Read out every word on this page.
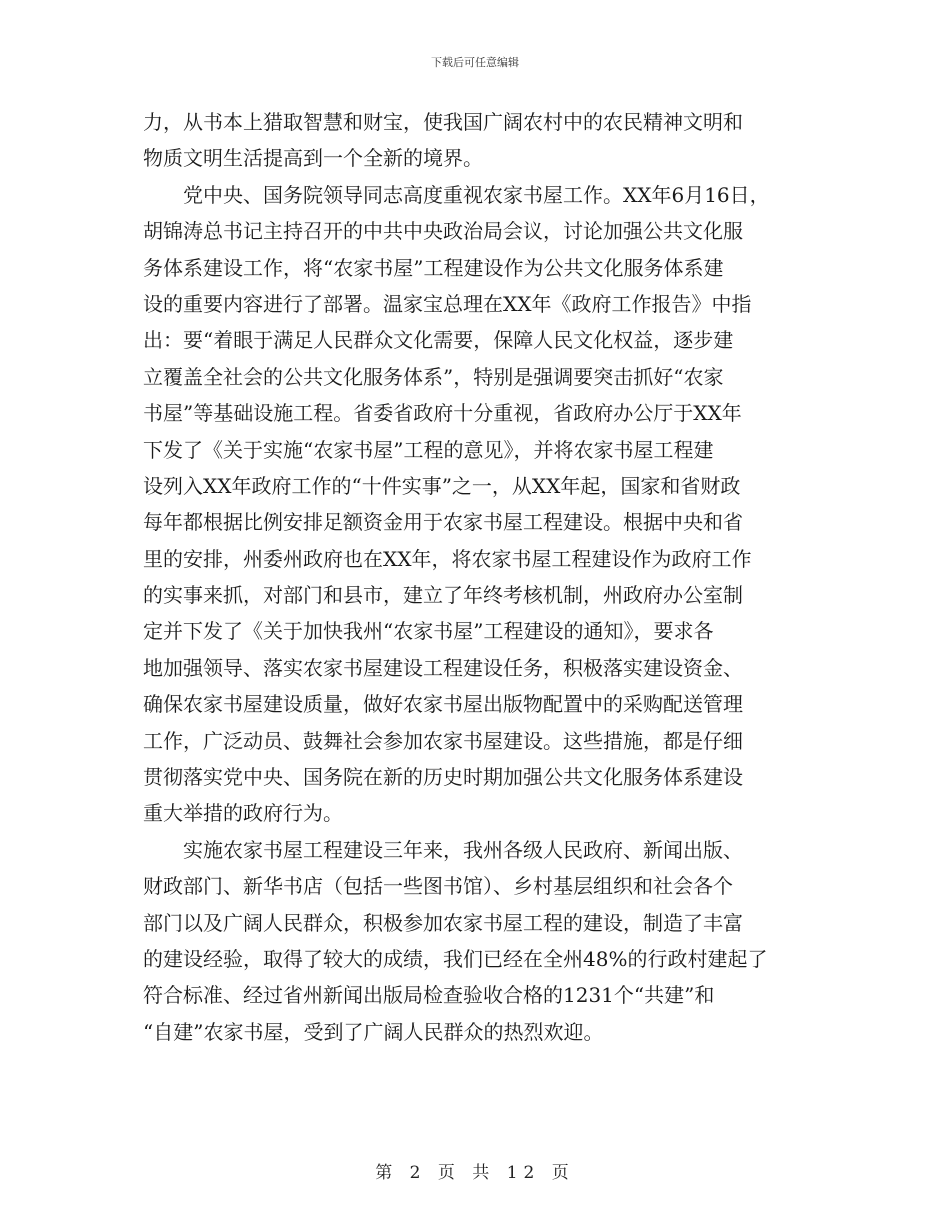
下载后可任意编辑
力，从书本上猎取智慧和财宝，使我国广阔农村中的农民精神文明和
物质文明生活提高到一个全新的境界。
　　党中央、国务院领导同志高度重视农家书屋工作。XX年6月16日，
胡锦涛总书记主持召开的中共中央政治局会议，讨论加强公共文化服
务体系建设工作，将“农家书屋”工程建设作为公共文化服务体系建
设的重要内容进行了部署。温家宝总理在XX年《政府工作报告》中指
出：要“着眼于满足人民群众文化需要，保障人民文化权益，逐步建
立覆盖全社会的公共文化服务体系”，特别是强调要突击抓好“农家
书屋”等基础设施工程。省委省政府十分重视，省政府办公厅于XX年
下发了《关于实施“农家书屋”工程的意见》，并将农家书屋工程建
设列入XX年政府工作的“十件实事”之一，从XX年起，国家和省财政
每年都根据比例安排足额资金用于农家书屋工程建设。根据中央和省
里的安排，州委州政府也在XX年，将农家书屋工程建设作为政府工作
的实事来抓，对部门和县市，建立了年终考核机制，州政府办公室制
定并下发了《关于加快我州“农家书屋”工程建设的通知》，要求各
地加强领导、落实农家书屋建设工程建设任务，积极落实建设资金、
确保农家书屋建设质量，做好农家书屋出版物配置中的采购配送管理
工作，广泛动员、鼓舞社会参加农家书屋建设。这些措施，都是仔细
贯彻落实党中央、国务院在新的历史时期加强公共文化服务体系建设
重大举措的政府行为。
　　实施农家书屋工程建设三年来，我州各级人民政府、新闻出版、
财政部门、新华书店（包括一些图书馆）、乡村基层组织和社会各个
部门以及广阔人民群众，积极参加农家书屋工程的建设，制造了丰富
的建设经验，取得了较大的成绩，我们已经在全州48%的行政村建起了
符合标准、经过省州新闻出版局检查验收合格的1231个“共建”和
“自建”农家书屋，受到了广阔人民群众的热烈欢迎。
第 2 页 共 12 页
